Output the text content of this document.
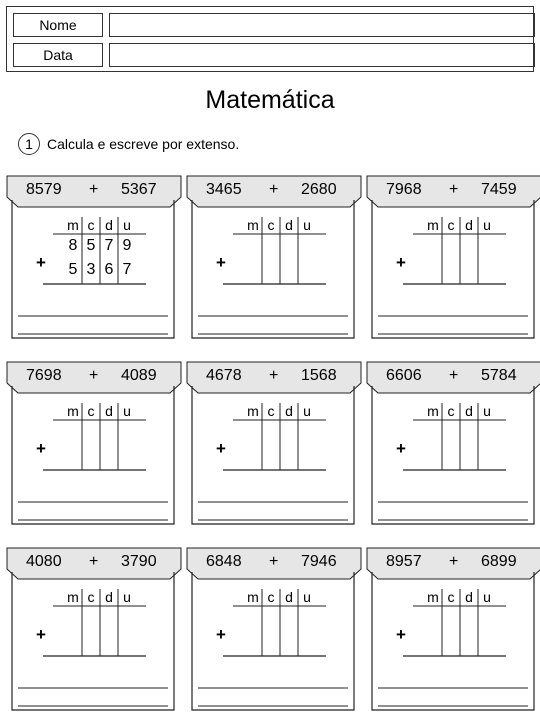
Nome
Data
Matemática
1	Calcula e escreve por extenso.
8579 + 5367
m c d u
+
8 5 7 9
5 3 6 7
3465 + 2680
m c d u
+
7968 + 7459
m c d u
+
7698 + 4089
m c d u
+
4678 + 1568
m c d u
+
6606 + 5784
m c d u
+
4080 + 3790
m c d u
+
6848 + 7946
m c d u
+
8957 + 6899
m c d u
+
